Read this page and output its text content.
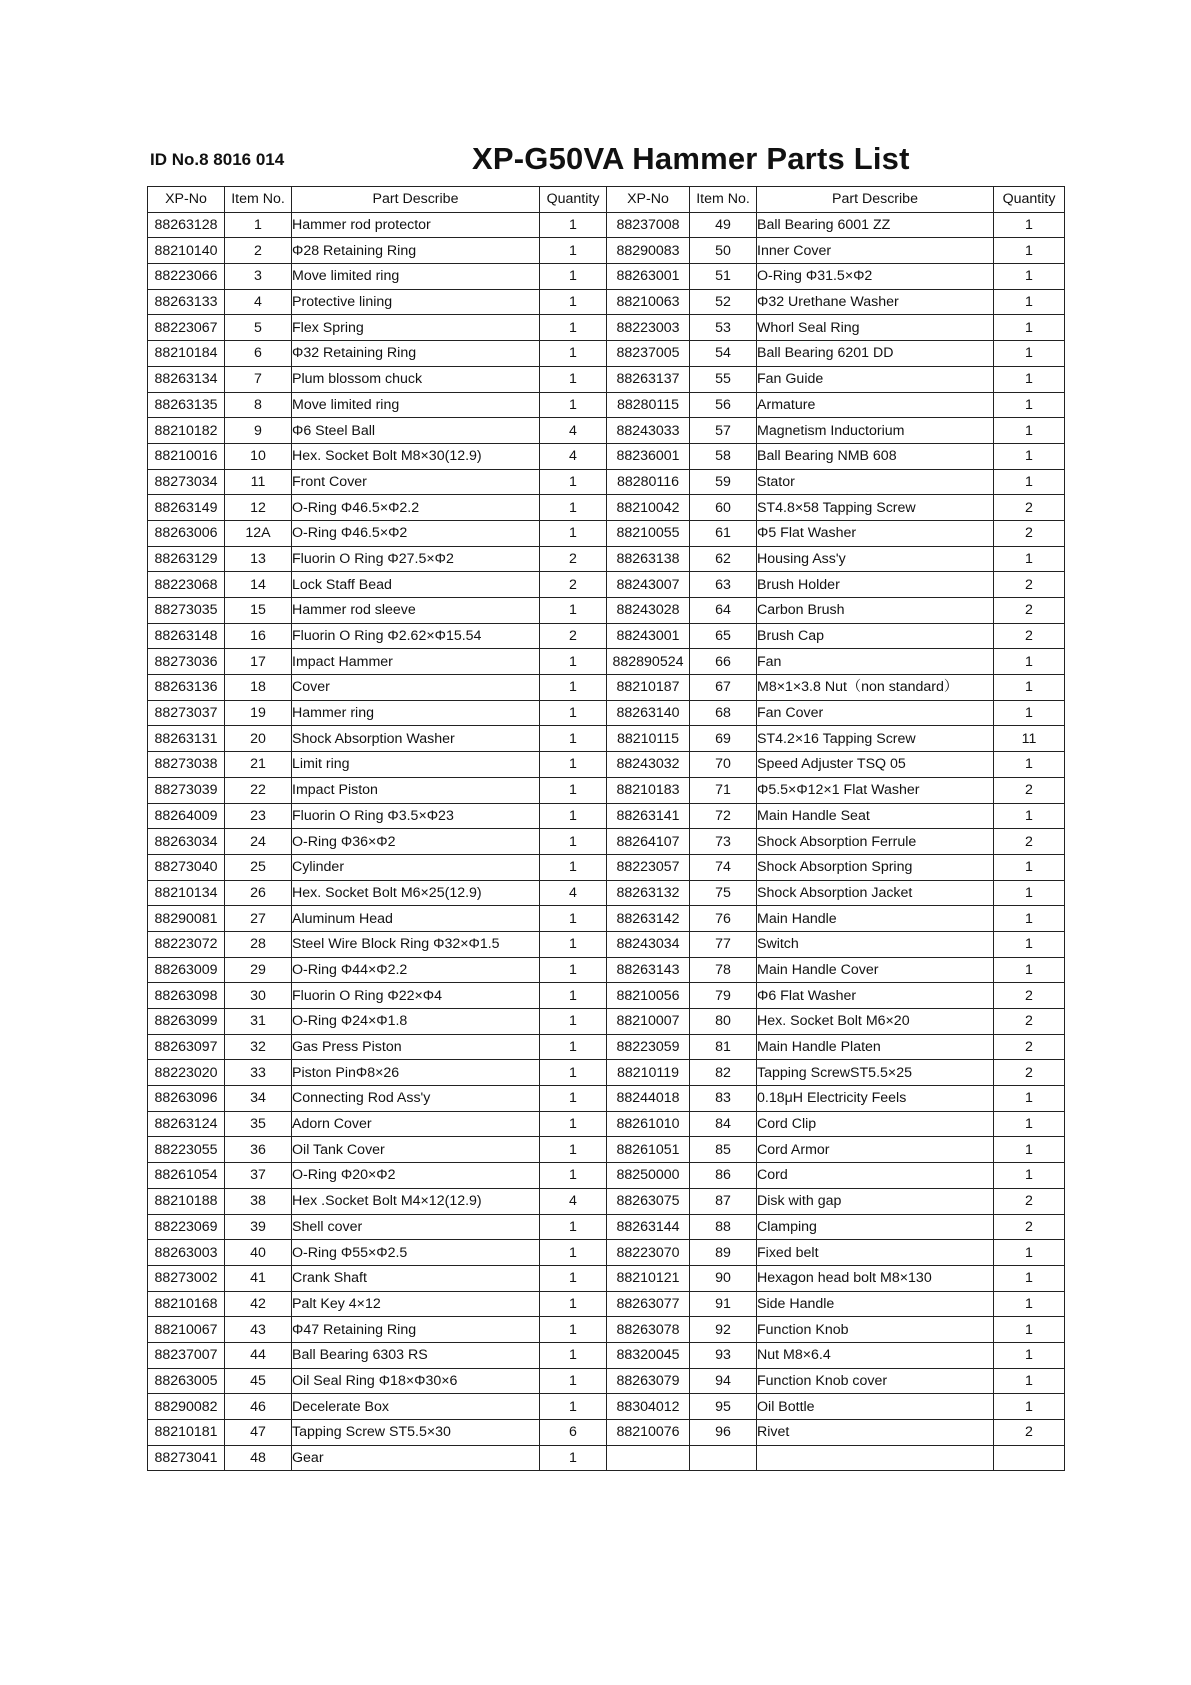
ID No.8 8016 014	XP-G50VA Hammer Parts List
XP-No	Item No.	Part Describe	Quantity	XP-No	Item No.	Part Describe	Quantity
88263128	1	Hammer rod protector	1	88237008	49	Ball Bearing 6001 ZZ	1
88210140	2	Φ28 Retaining Ring	1	88290083	50	Inner Cover	1
88223066	3	Move limited ring	1	88263001	51	O-Ring Φ31.5×Φ2	1
88263133	4	Protective lining	1	88210063	52	Φ32 Urethane Washer	1
88223067	5	Flex Spring	1	88223003	53	Whorl Seal Ring	1
88210184	6	Φ32 Retaining Ring	1	88237005	54	Ball Bearing 6201 DD	1
88263134	7	Plum blossom chuck	1	88263137	55	Fan Guide	1
88263135	8	Move limited ring	1	88280115	56	Armature	1
88210182	9	Φ6 Steel Ball	4	88243033	57	Magnetism Inductorium	1
88210016	10	Hex. Socket Bolt M8×30(12.9)	4	88236001	58	Ball Bearing NMB 608	1
88273034	11	Front Cover	1	88280116	59	Stator	1
88263149	12	O-Ring Φ46.5×Φ2.2	1	88210042	60	ST4.8×58 Tapping Screw	2
88263006	12A	O-Ring Φ46.5×Φ2	1	88210055	61	Φ5 Flat Washer	2
88263129	13	Fluorin O Ring Φ27.5×Φ2	2	88263138	62	Housing Ass'y	1
88223068	14	Lock Staff Bead	2	88243007	63	Brush Holder	2
88273035	15	Hammer rod sleeve	1	88243028	64	Carbon Brush	2
88263148	16	Fluorin O Ring Φ2.62×Φ15.54	2	88243001	65	Brush Cap	2
88273036	17	Impact Hammer	1	882890524	66	Fan	1
88263136	18	Cover	1	88210187	67	M8×1×3.8 Nut（non standard）	1
88273037	19	Hammer ring	1	88263140	68	Fan Cover	1
88263131	20	Shock Absorption Washer	1	88210115	69	ST4.2×16 Tapping Screw	11
88273038	21	Limit ring	1	88243032	70	Speed Adjuster TSQ 05	1
88273039	22	Impact Piston	1	88210183	71	Φ5.5×Φ12×1 Flat Washer	2
88264009	23	Fluorin O Ring Φ3.5×Φ23	1	88263141	72	Main Handle Seat	1
88263034	24	O-Ring Φ36×Φ2	1	88264107	73	Shock Absorption Ferrule	2
88273040	25	Cylinder	1	88223057	74	Shock Absorption Spring	1
88210134	26	Hex. Socket Bolt M6×25(12.9)	4	88263132	75	Shock Absorption Jacket	1
88290081	27	Aluminum Head	1	88263142	76	Main Handle	1
88223072	28	Steel Wire Block Ring Φ32×Φ1.5	1	88243034	77	Switch	1
88263009	29	O-Ring Φ44×Φ2.2	1	88263143	78	Main Handle Cover	1
88263098	30	Fluorin O Ring Φ22×Φ4	1	88210056	79	Φ6 Flat Washer	2
88263099	31	O-Ring Φ24×Φ1.8	1	88210007	80	Hex. Socket Bolt M6×20	2
88263097	32	Gas Press Piston	1	88223059	81	Main Handle Platen	2
88223020	33	Piston PinΦ8×26	1	88210119	82	Tapping ScrewST5.5×25	2
88263096	34	Connecting Rod Ass'y	1	88244018	83	0.18μH Electricity Feels	1
88263124	35	Adorn Cover	1	88261010	84	Cord Clip	1
88223055	36	Oil Tank Cover	1	88261051	85	Cord Armor	1
88261054	37	O-Ring Φ20×Φ2	1	88250000	86	Cord	1
88210188	38	Hex .Socket Bolt M4×12(12.9)	4	88263075	87	Disk with gap	2
88223069	39	Shell cover	1	88263144	88	Clamping	2
88263003	40	O-Ring Φ55×Φ2.5	1	88223070	89	Fixed belt	1
88273002	41	Crank Shaft	1	88210121	90	Hexagon head bolt M8×130	1
88210168	42	Palt Key 4×12	1	88263077	91	Side Handle	1
88210067	43	Φ47 Retaining Ring	1	88263078	92	Function Knob	1
88237007	44	Ball Bearing 6303 RS	1	88320045	93	Nut M8×6.4	1
88263005	45	Oil Seal Ring Φ18×Φ30×6	1	88263079	94	Function Knob cover	1
88290082	46	Decelerate Box	1	88304012	95	Oil Bottle	1
88210181	47	Tapping Screw ST5.5×30	6	88210076	96	Rivet	2
88273041	48	Gear	1				
